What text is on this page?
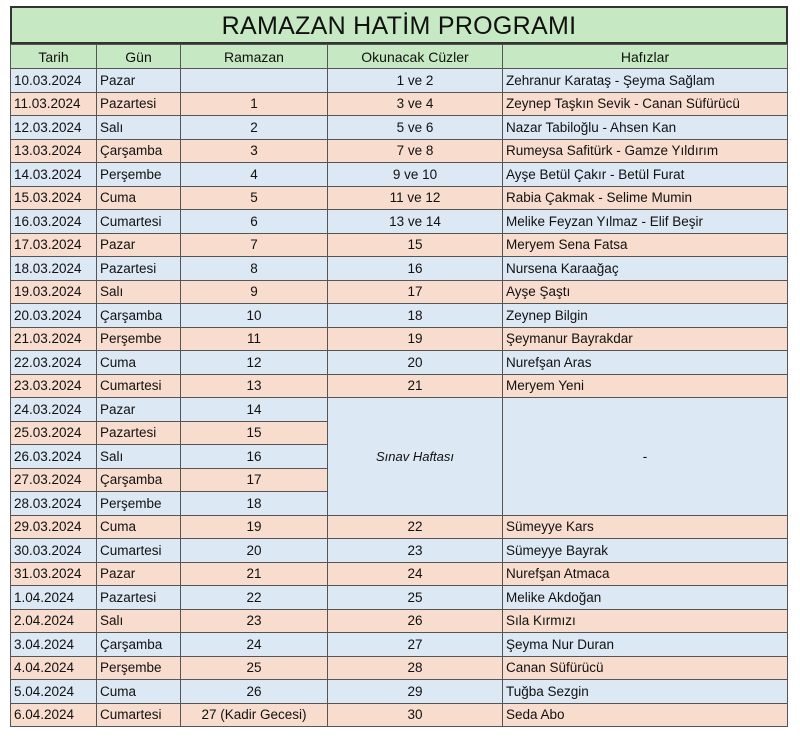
RAMAZAN HATİM PROGRAMI
Tarih	Gün	Ramazan	Okunacak Cüzler	Hafızlar
10.03.2024	Pazar		1 ve 2	Zehranur Karataş - Şeyma Sağlam
11.03.2024	Pazartesi	1	3 ve 4	Zeynep Taşkın Sevik - Canan Süfürücü
12.03.2024	Salı	2	5 ve 6	Nazar Tabiloğlu - Ahsen Kan
13.03.2024	Çarşamba	3	7 ve 8	Rumeysa Safitürk - Gamze Yıldırım
14.03.2024	Perşembe	4	9 ve 10	Ayşe Betül Çakır - Betül Furat
15.03.2024	Cuma	5	11 ve 12	Rabia Çakmak - Selime Mumin
16.03.2024	Cumartesi	6	13 ve 14	Melike Feyzan Yılmaz - Elif Beşir
17.03.2024	Pazar	7	15	Meryem Sena Fatsa
18.03.2024	Pazartesi	8	16	Nursena Karaağaç
19.03.2024	Salı	9	17	Ayşe Şaştı
20.03.2024	Çarşamba	10	18	Zeynep Bilgin
21.03.2024	Perşembe	11	19	Şeymanur Bayrakdar
22.03.2024	Cuma	12	20	Nurefşan Aras
23.03.2024	Cumartesi	13	21	Meryem Yeni
24.03.2024	Pazar	14	Sınav Haftası	-
25.03.2024	Pazartesi	15		
26.03.2024	Salı	16		
27.03.2024	Çarşamba	17		
28.03.2024	Perşembe	18		
29.03.2024	Cuma	19	22	Sümeyye Kars
30.03.2024	Cumartesi	20	23	Sümeyye Bayrak
31.03.2024	Pazar	21	24	Nurefşan Atmaca
1.04.2024	Pazartesi	22	25	Melike Akdoğan
2.04.2024	Salı	23	26	Sıla Kırmızı
3.04.2024	Çarşamba	24	27	Şeyma Nur Duran
4.04.2024	Perşembe	25	28	Canan Süfürücü
5.04.2024	Cuma	26	29	Tuğba Sezgin
6.04.2024	Cumartesi	27 (Kadir Gecesi)	30	Seda Abo
